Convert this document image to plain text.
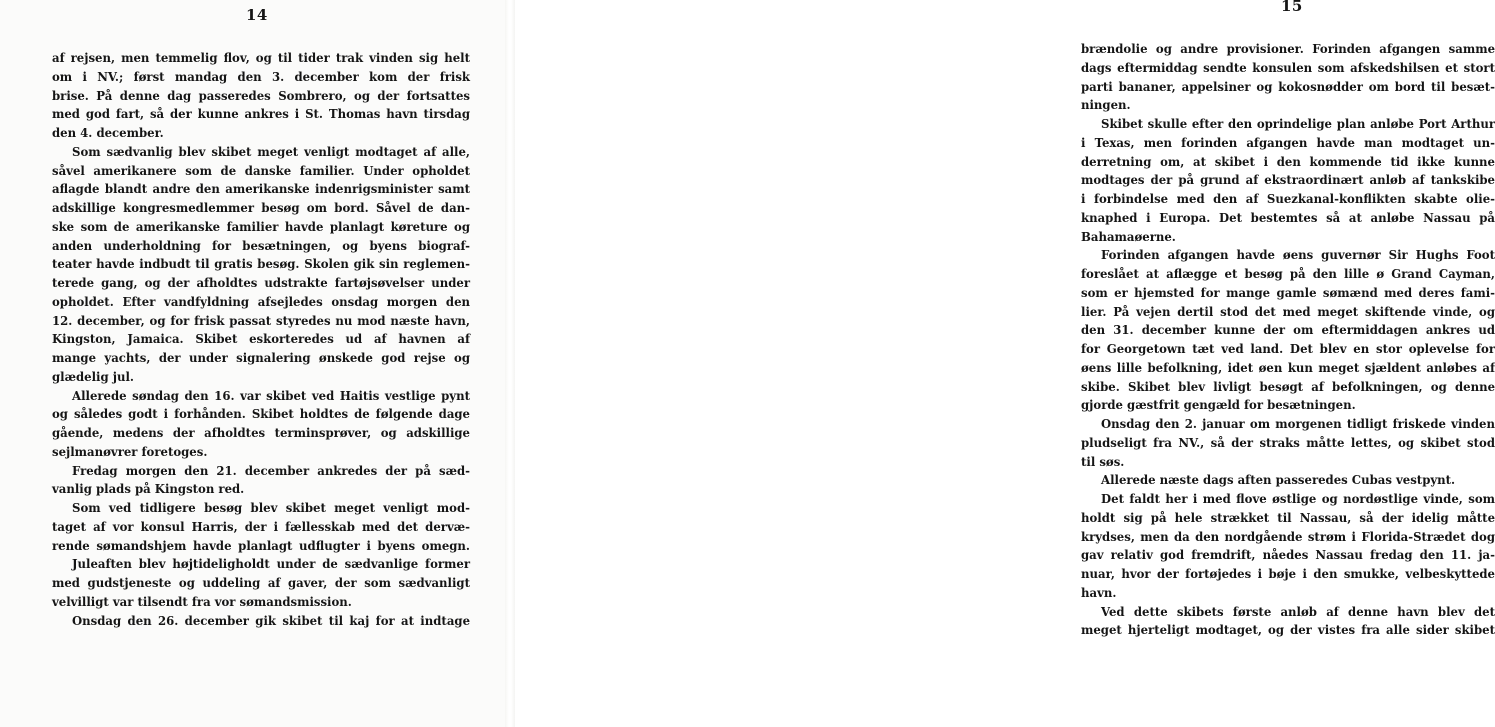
14
af rejsen, men temmelig flov, og til tider trak vinden sig helt
om i NV.; først mandag den 3. december kom der frisk
brise. På denne dag passeredes Sombrero, og der fortsattes
med god fart, så der kunne ankres i St. Thomas havn tirsdag
den 4. december.
Som sædvanlig blev skibet meget venligt modtaget af alle,
såvel amerikanere som de danske familier. Under opholdet
aflagde blandt andre den amerikanske indenrigsminister samt
adskillige kongresmedlemmer besøg om bord. Såvel de dan-
ske som de amerikanske familier havde planlagt køreture og
anden underholdning for besætningen, og byens biograf-
teater havde indbudt til gratis besøg. Skolen gik sin reglemen-
terede gang, og der afholdtes udstrakte fartøjsøvelser under
opholdet. Efter vandfyldning afsejledes onsdag morgen den
12. december, og for frisk passat styredes nu mod næste havn,
Kingston, Jamaica. Skibet eskorteredes ud af havnen af
mange yachts, der under signalering ønskede god rejse og
glædelig jul.
Allerede søndag den 16. var skibet ved Haitis vestlige pynt
og således godt i forhånden. Skibet holdtes de følgende dage
gående, medens der afholdtes terminsprøver, og adskillige
sejlmanøvrer foretoges.
Fredag morgen den 21. december ankredes der på sæd-
vanlig plads på Kingston red.
Som ved tidligere besøg blev skibet meget venligt mod-
taget af vor konsul Harris, der i fællesskab med det dervæ-
rende sømandshjem havde planlagt udflugter i byens omegn.
Juleaften blev højtideligholdt under de sædvanlige former
med gudstjeneste og uddeling af gaver, der som sædvanligt
velvilligt var tilsendt fra vor sømandsmission.
Onsdag den 26. december gik skibet til kaj for at indtage
15
brændolie og andre provisioner. Forinden afgangen samme
dags eftermiddag sendte konsulen som afskedshilsen et stort
parti bananer, appelsiner og kokosnødder om bord til besæt-
ningen.
Skibet skulle efter den oprindelige plan anløbe Port Arthur
i Texas, men forinden afgangen havde man modtaget un-
derretning om, at skibet i den kommende tid ikke kunne
modtages der på grund af ekstraordinært anløb af tankskibe
i forbindelse med den af Suezkanal-konflikten skabte olie-
knaphed i Europa. Det bestemtes så at anløbe Nassau på
Bahamaøerne.
Forinden afgangen havde øens guvernør Sir Hughs Foot
foreslået at aflægge et besøg på den lille ø Grand Cayman,
som er hjemsted for mange gamle sømænd med deres fami-
lier. På vejen dertil stod det med meget skiftende vinde, og
den 31. december kunne der om eftermiddagen ankres ud
for Georgetown tæt ved land. Det blev en stor oplevelse for
øens lille befolkning, idet øen kun meget sjældent anløbes af
skibe. Skibet blev livligt besøgt af befolkningen, og denne
gjorde gæstfrit gengæld for besætningen.
Onsdag den 2. januar om morgenen tidligt friskede vinden
pludseligt fra NV., så der straks måtte lettes, og skibet stod
til søs.
Allerede næste dags aften passeredes Cubas vestpynt.
Det faldt her i med flove østlige og nordøstlige vinde, som
holdt sig på hele strækket til Nassau, så der idelig måtte
krydses, men da den nordgående strøm i Florida-Strædet dog
gav relativ god fremdrift, nåedes Nassau fredag den 11. ja-
nuar, hvor der fortøjedes i bøje i den smukke, velbeskyttede
havn.
Ved dette skibets første anløb af denne havn blev det
meget hjerteligt modtaget, og der vistes fra alle sider skibet
